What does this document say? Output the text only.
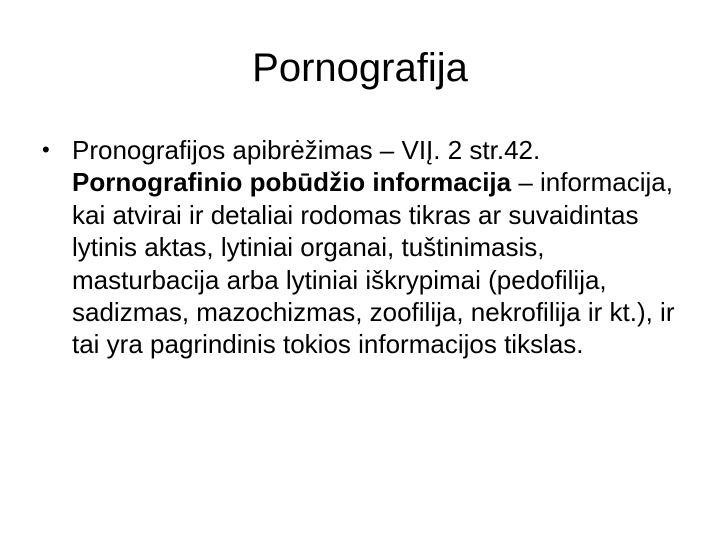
Pornografija
• Pronografijos apibrėžimas – VIĮ. 2 str.42. Pornografinio pobūdžio informacija – informacija, kai atvirai ir detaliai rodomas tikras ar suvaidintas lytinis aktas, lytiniai organai, tuštinimasis, masturbacija arba lytiniai iškrypimai (pedofilija, sadizmas, mazochizmas, zoofilija, nekrofilija ir kt.), ir tai yra pagrindinis tokios informacijos tikslas.
